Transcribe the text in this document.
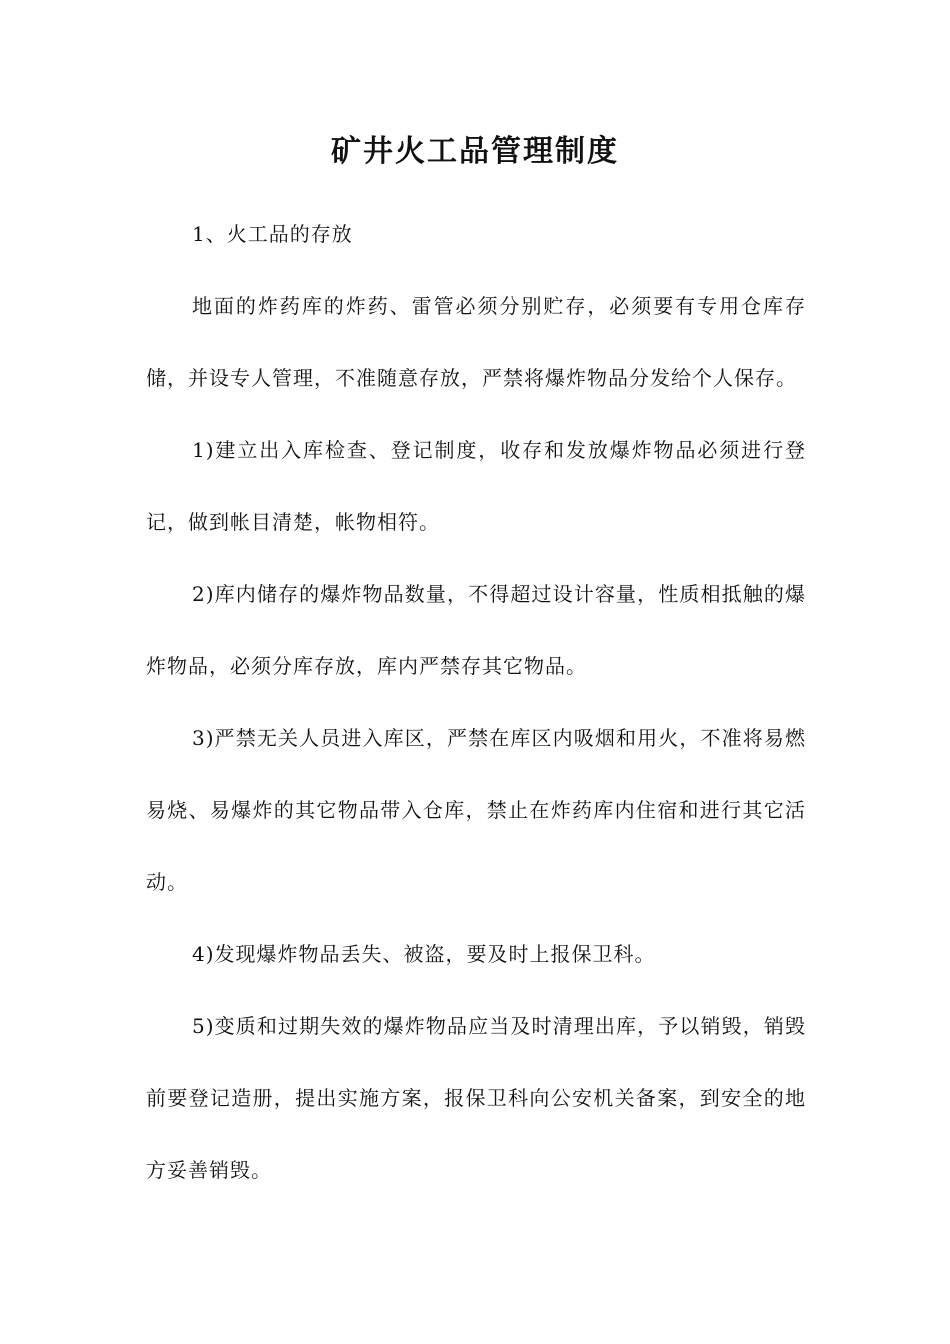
矿井火工品管理制度

1、火工品的存放

地面的炸药库的炸药、雷管必须分别贮存，必须要有专用仓库存储，并设专人管理，不准随意存放，严禁将爆炸物品分发给个人保存。

1)建立出入库检查、登记制度，收存和发放爆炸物品必须进行登记，做到帐目清楚，帐物相符。

2)库内储存的爆炸物品数量，不得超过设计容量，性质相抵触的爆炸物品，必须分库存放，库内严禁存其它物品。

3)严禁无关人员进入库区，严禁在库区内吸烟和用火，不准将易燃易烧、易爆炸的其它物品带入仓库，禁止在炸药库内住宿和进行其它活动。

4)发现爆炸物品丢失、被盗，要及时上报保卫科。

5)变质和过期失效的爆炸物品应当及时清理出库，予以销毁，销毁前要登记造册，提出实施方案，报保卫科向公安机关备案，到安全的地方妥善销毁。
